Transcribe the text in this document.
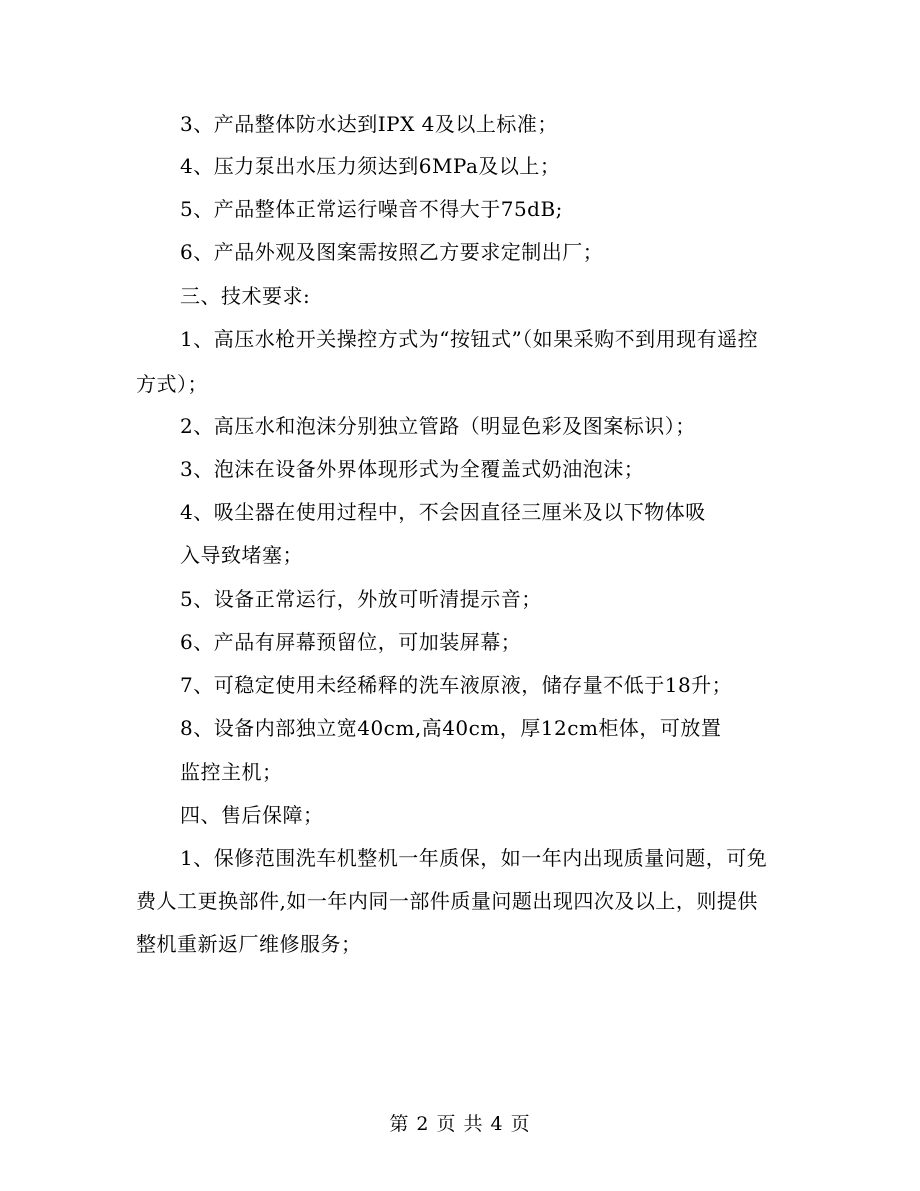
3、产品整体防水达到IPX 4及以上标准；
4、压力泵出水压力须达到6MPa及以上；
5、产品整体正常运行噪音不得大于75dB;
6、产品外观及图案需按照乙方要求定制出厂；
三、技术要求:
1、高压水枪开关操控方式为“按钮式”（如果采购不到用现有遥控
方式）；
2、高压水和泡沫分别独立管路（明显色彩及图案标识）；
3、泡沫在设备外界体现形式为全覆盖式奶油泡沫；
4、吸尘器在使用过程中，不会因直径三厘米及以下物体吸
入导致堵塞；
5、设备正常运行，外放可听清提示音；
6、产品有屏幕预留位，可加装屏幕；
7、可稳定使用未经稀释的洗车液原液，储存量不低于18升；
8、设备内部独立宽40cm,高40cm，厚12cm柜体，可放置
监控主机；
四、售后保障；
1、保修范围洗车机整机一年质保，如一年内出现质量问题，可免
费人工更换部件,如一年内同一部件质量问题出现四次及以上，则提供
整机重新返厂维修服务；
第 2 页 共 4 页
